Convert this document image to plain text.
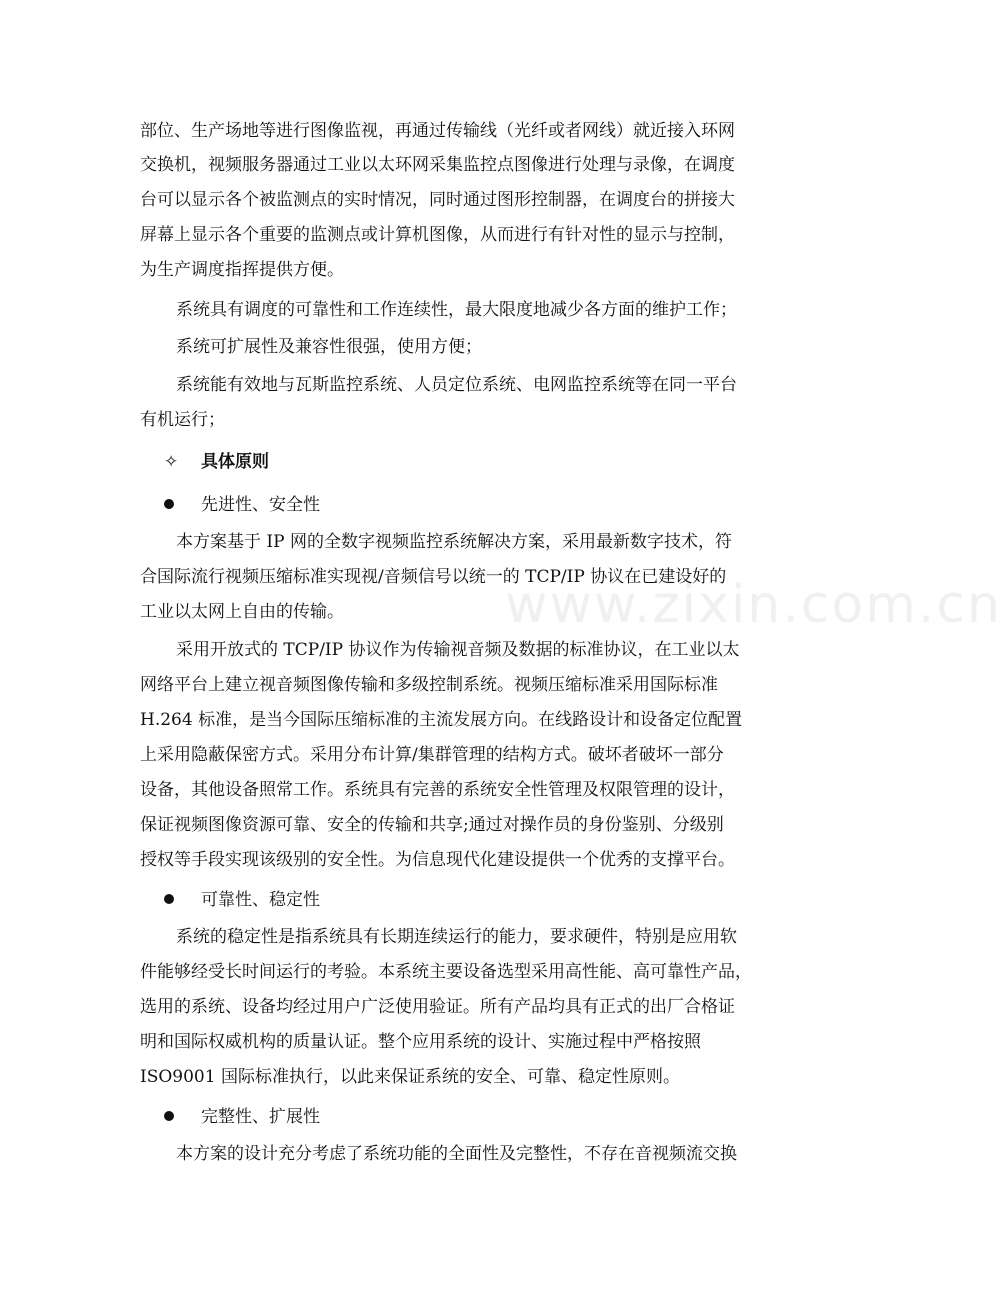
www.zixin.com.cn
部位、生产场地等进行图像监视，再通过传输线（光纤或者网线）就近接入环网
交换机，视频服务器通过工业以太环网采集监控点图像进行处理与录像，在调度
台可以显示各个被监测点的实时情况，同时通过图形控制器，在调度台的拼接大
屏幕上显示各个重要的监测点或计算机图像，从而进行有针对性的显示与控制，
为生产调度指挥提供方便。
系统具有调度的可靠性和工作连续性，最大限度地减少各方面的维护工作；
系统可扩展性及兼容性很强，使用方便；
系统能有效地与瓦斯监控系统、人员定位系统、电网监控系统等在同一平台
有机运行；
✧ 具体原则
先进性、安全性
本方案基于 IP 网的全数字视频监控系统解决方案，采用最新数字技术，符
合国际流行视频压缩标准实现视/音频信号以统一的 TCP/IP 协议在已建设好的
工业以太网上自由的传输。
采用开放式的 TCP/IP 协议作为传输视音频及数据的标准协议，在工业以太
网络平台上建立视音频图像传输和多级控制系统。视频压缩标准采用国际标准
H.264 标准，是当今国际压缩标准的主流发展方向。在线路设计和设备定位配置
上采用隐蔽保密方式。采用分布计算/集群管理的结构方式。破坏者破坏一部分
设备，其他设备照常工作。系统具有完善的系统安全性管理及权限管理的设计，
保证视频图像资源可靠、安全的传输和共享;通过对操作员的身份鉴别、分级别
授权等手段实现该级别的安全性。为信息现代化建设提供一个优秀的支撑平台。
可靠性、稳定性
系统的稳定性是指系统具有长期连续运行的能力，要求硬件，特别是应用软
件能够经受长时间运行的考验。本系统主要设备选型采用高性能、高可靠性产品，
选用的系统、设备均经过用户广泛使用验证。所有产品均具有正式的出厂合格证
明和国际权威机构的质量认证。整个应用系统的设计、实施过程中严格按照
ISO9001 国际标准执行，以此来保证系统的安全、可靠、稳定性原则。
完整性、扩展性
本方案的设计充分考虑了系统功能的全面性及完整性，不存在音视频流交换
